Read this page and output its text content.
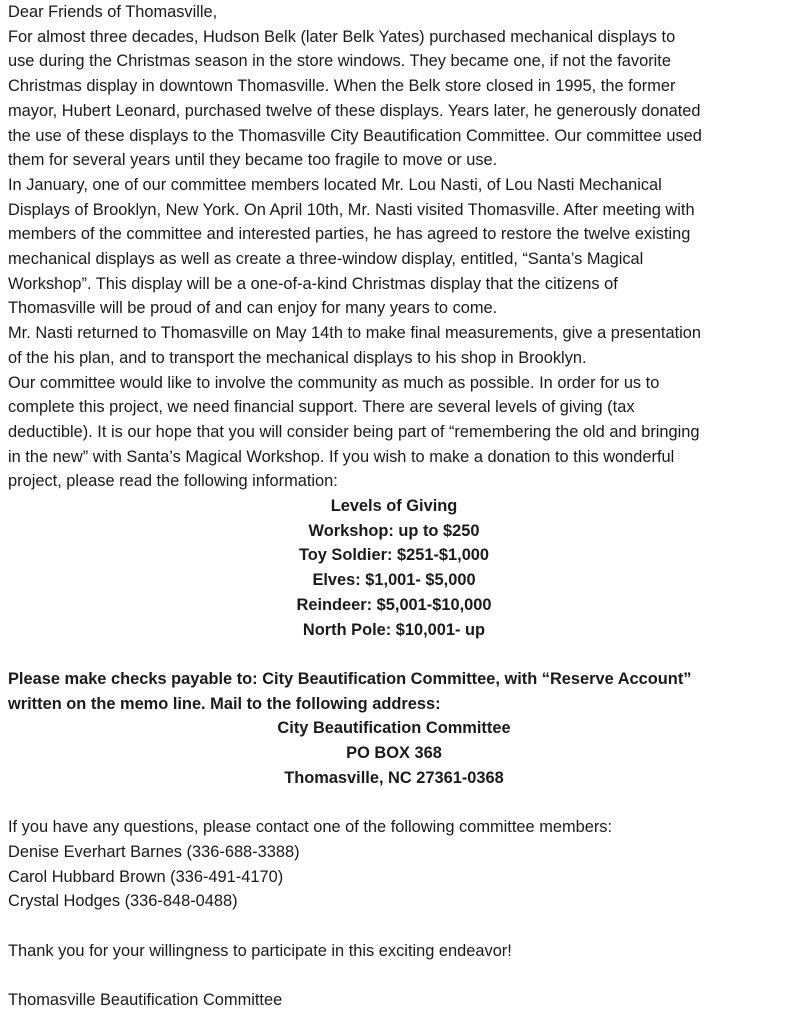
Dear Friends of Thomasville,
For almost three decades, Hudson Belk (later Belk Yates) purchased mechanical displays to
use during the Christmas season in the store windows. They became one, if not the favorite
Christmas display in downtown Thomasville. When the Belk store closed in 1995, the former
mayor, Hubert Leonard, purchased twelve of these displays. Years later, he generously donated
the use of these displays to the Thomasville City Beautification Committee. Our committee used
them for several years until they became too fragile to move or use.
In January, one of our committee members located Mr. Lou Nasti, of Lou Nasti Mechanical
Displays of Brooklyn, New York. On April 10th, Mr. Nasti visited Thomasville. After meeting with
members of the committee and interested parties, he has agreed to restore the twelve existing
mechanical displays as well as create a three-window display, entitled, “Santa’s Magical
Workshop”. This display will be a one-of-a-kind Christmas display that the citizens of
Thomasville will be proud of and can enjoy for many years to come.
Mr. Nasti returned to Thomasville on May 14th to make final measurements, give a presentation
of the his plan, and to transport the mechanical displays to his shop in Brooklyn.
Our committee would like to involve the community as much as possible. In order for us to
complete this project, we need financial support. There are several levels of giving (tax
deductible). It is our hope that you will consider being part of “remembering the old and bringing
in the new” with Santa’s Magical Workshop. If you wish to make a donation to this wonderful
project, please read the following information:
Levels of Giving
Workshop: up to $250
Toy Soldier: $251-$1,000
Elves: $1,001- $5,000
Reindeer: $5,001-$10,000
North Pole: $10,001- up
Please make checks payable to: City Beautification Committee, with “Reserve Account”
written on the memo line. Mail to the following address:
City Beautification Committee
PO BOX 368
Thomasville, NC 27361-0368
If you have any questions, please contact one of the following committee members:
Denise Everhart Barnes (336-688-3388)
Carol Hubbard Brown (336-491-4170)
Crystal Hodges (336-848-0488)
Thank you for your willingness to participate in this exciting endeavor!
Thomasville Beautification Committee
